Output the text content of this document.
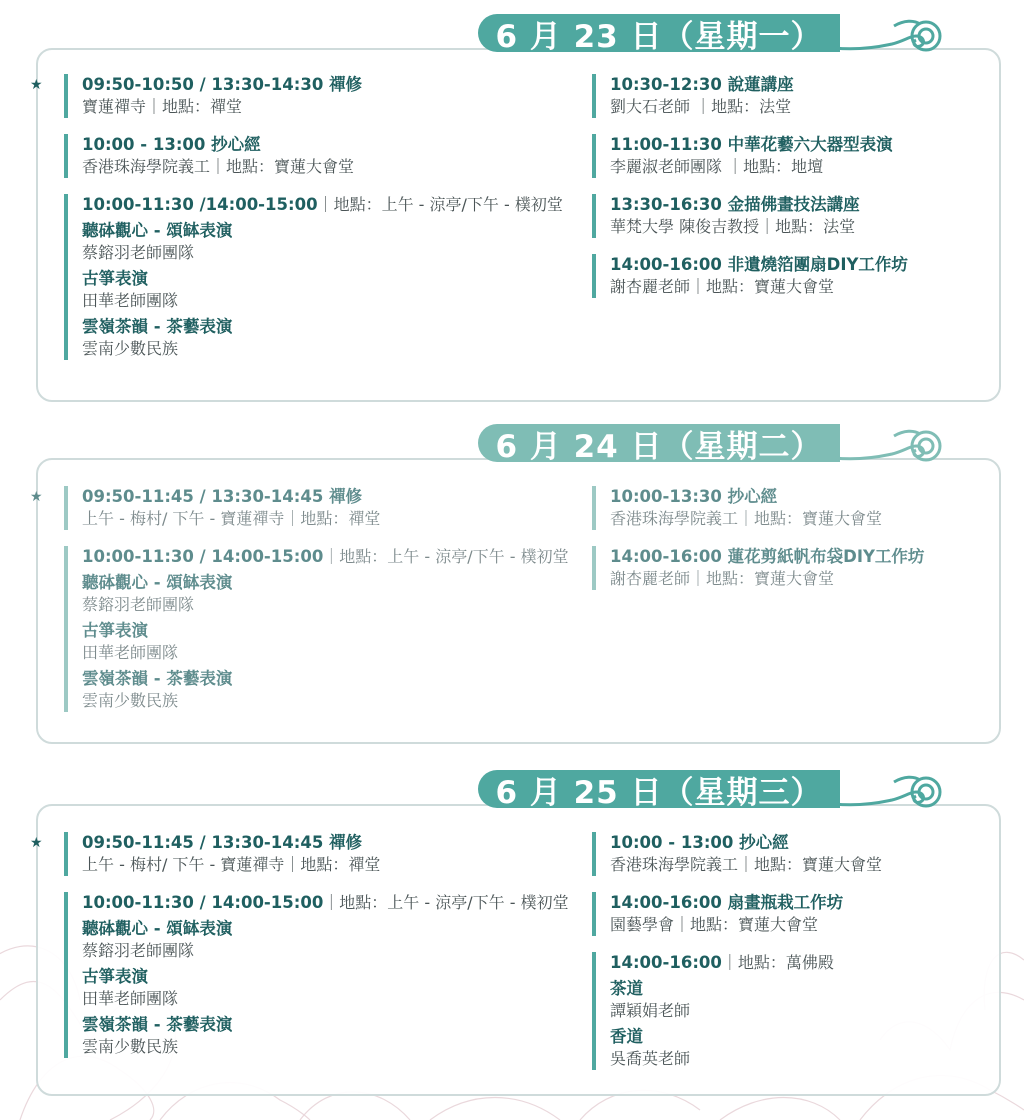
6 月 23 日（星期一）
★ 09:50-10:50 / 13:30-14:30 禪修
寶蓮禪寺｜地點：禪堂
10:00 - 13:00 抄心經
香港珠海學院義工｜地點：寶蓮大會堂
10:00-11:30 /14:00-15:00｜地點：上午 - 涼亭/下午 - 樸初堂
聽砵觀心 - 頌缽表演
蔡鎔羽老師團隊
古箏表演
田華老師團隊
雲嶺茶韻 - 茶藝表演
雲南少數民族
10:30-12:30 說蓮講座
劉大石老師 ｜地點：法堂
11:00-11:30 中華花藝六大器型表演
李麗淑老師團隊 ｜地點：地壇
13:30-16:30 金描佛畫技法講座
華梵大學 陳俊吉教授｜地點：法堂
14:00-16:00 非遺燒箔團扇DIY工作坊
謝杏麗老師｜地點：寶蓮大會堂
6 月 24 日（星期二）
★ 09:50-11:45 / 13:30-14:45 禪修
上午 - 梅村/ 下午 - 寶蓮禪寺｜地點：禪堂
10:00-11:30 / 14:00-15:00｜地點：上午 - 涼亭/下午 - 樸初堂
聽砵觀心 - 頌缽表演
蔡鎔羽老師團隊
古箏表演
田華老師團隊
雲嶺茶韻 - 茶藝表演
雲南少數民族
10:00-13:30 抄心經
香港珠海學院義工｜地點：寶蓮大會堂
14:00-16:00 蓮花剪紙帆布袋DIY工作坊
謝杏麗老師｜地點：寶蓮大會堂
6 月 25 日（星期三）
★ 09:50-11:45 / 13:30-14:45 禪修
上午 - 梅村/ 下午 - 寶蓮禪寺｜地點：禪堂
10:00-11:30 / 14:00-15:00｜地點：上午 - 涼亭/下午 - 樸初堂
聽砵觀心 - 頌缽表演
蔡鎔羽老師團隊
古箏表演
田華老師團隊
雲嶺茶韻 - 茶藝表演
雲南少數民族
10:00 - 13:00 抄心經
香港珠海學院義工｜地點：寶蓮大會堂
14:00-16:00 扇畫瓶栽工作坊
園藝學會｜地點：寶蓮大會堂
14:00-16:00｜地點：萬佛殿
茶道
譚穎娟老師
香道
吳喬英老師
